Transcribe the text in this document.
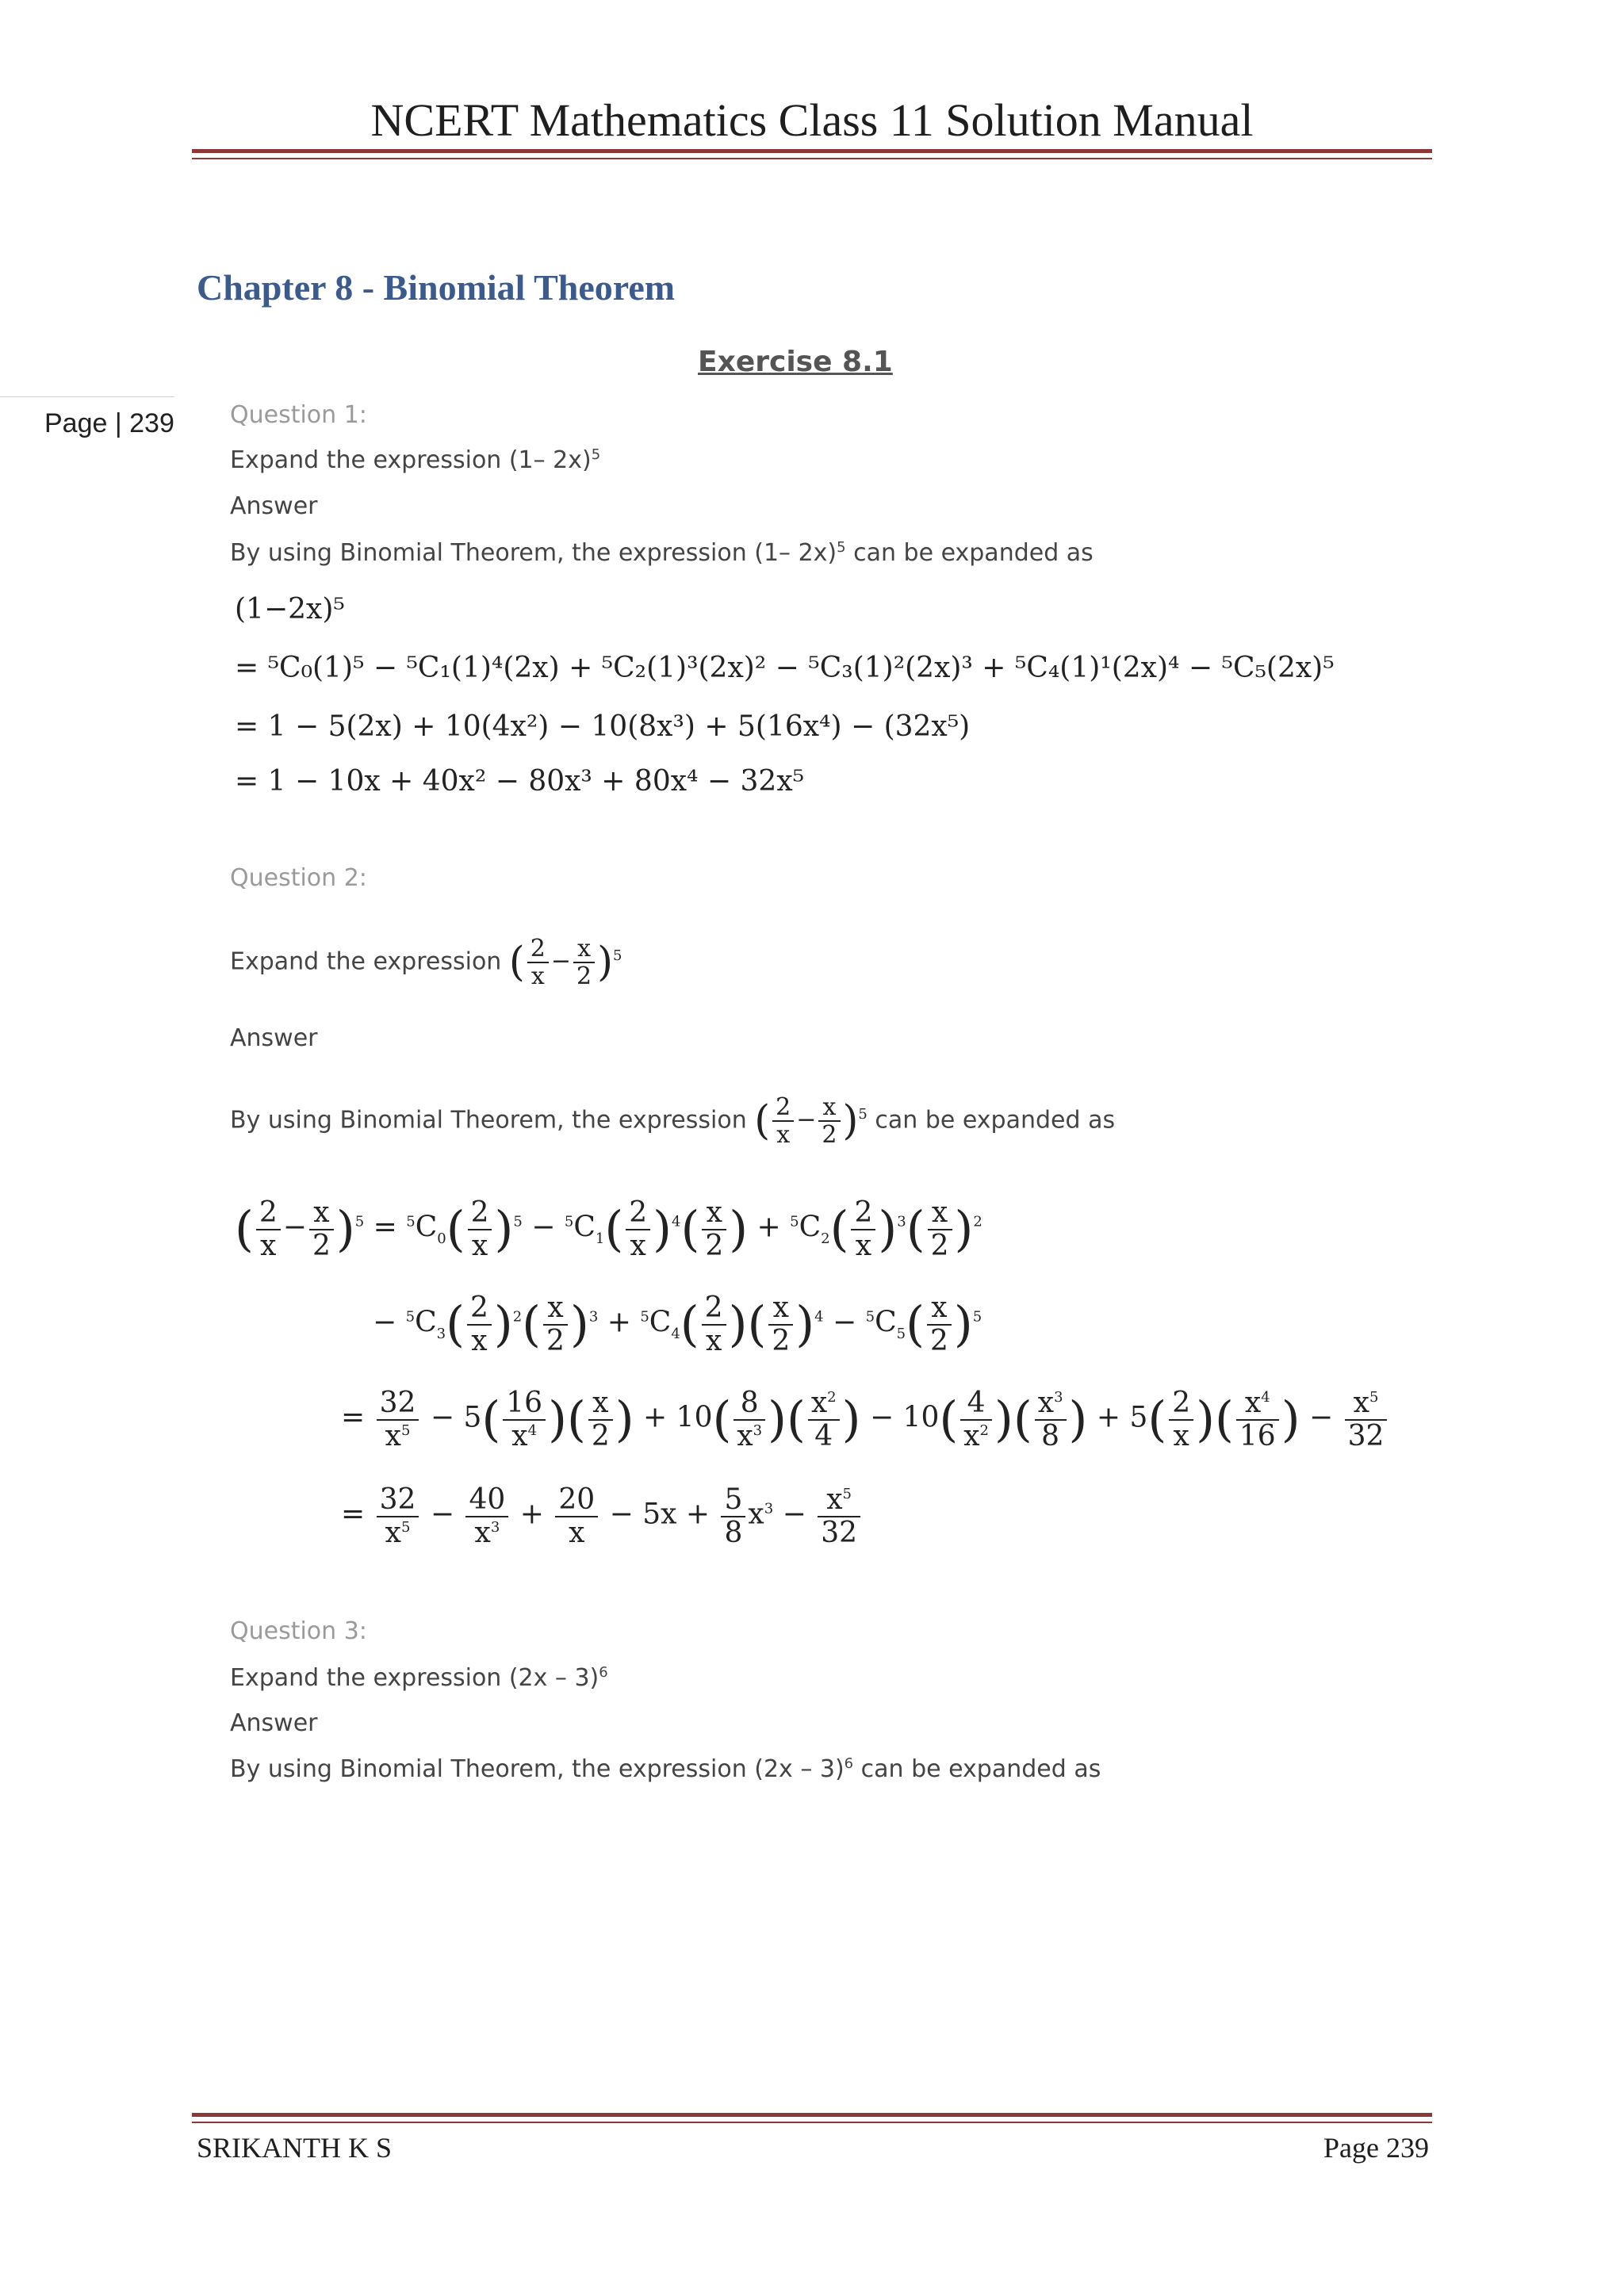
NCERT Mathematics Class 11 Solution Manual
Chapter 8 - Binomial Theorem
Page | 239
Exercise 8.1
Question 1:
Expand the expression (1– 2x)$^5$
Answer
By using Binomial Theorem, the expression (1– 2x)$^5$ can be expanded as
(1−2x)⁵
= ⁵C₀(1)⁵ − ⁵C₁(1)⁴(2x) + ⁵C₂(1)³(2x)² − ⁵C₃(1)²(2x)³ + ⁵C₄(1)¹(2x)⁴ − ⁵C₅(2x)⁵
= 1 − 5(2x) + 10(4x²) − 10(8x³) + 5(16x⁴) − (32x⁵)
= 1 − 10x + 40x² − 80x³ + 80x⁴ − 32x⁵
Question 2:
Expand the expression ( $\frac{2}{x} - \frac{x}{2} )^5$
Answer
By using Binomial Theorem, the expression ( $\frac{2}{x} - \frac{x}{2} )^5$ can be expanded as
( $\frac{2}{x} - \frac{x}{2} )^5 = ^5C_0( \frac{2}{x} )^5 - ^5C_1( \frac{2}{x} )^4( \frac{x}{2}$ ) + $^5C_2( \frac{2}{x} )^3( \frac{x}{2} )^2$
− $^5C_3( \frac{2}{x} )^2( \frac{x}{2} )^3 + ^5C_4( \frac{2}{x}$ )( $\frac{x}{2} )^4 - ^5C_5( \frac{x}{2} )^5$
= $\frac{32}{x^5} - 5( \frac{16}{x^4}$ )( $\frac{x}{2}$ ) + $10( \frac{8}{x^3}$ )( $\frac{x^2}{4}$ ) − $10( \frac{4}{x^2}$ )( $\frac{x^3}{8}$ ) + $5( \frac{2}{x}$ )( $\frac{x^4}{16}$ ) − $\frac{x^5}{32}$
= $\frac{32}{x^5} - \frac{40}{x^3} + \frac{20}{x} - 5x + \frac{5}{8} x^3 - \frac{x^5}{32}$
Question 3:
Expand the expression (2x – 3)$^6$
Answer
By using Binomial Theorem, the expression (2x – 3)$^6$ can be expanded as
SRIKANTH K S	Page 239
